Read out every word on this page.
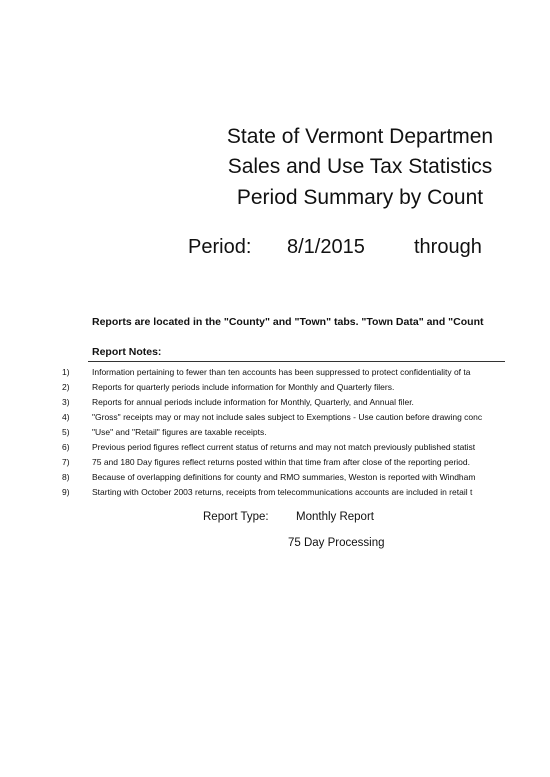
State of Vermont Departmen
Sales and Use Tax Statistics
Period Summary by Count
Period: 8/1/2015 through
Reports are located in the "County" and "Town" tabs. "Town Data" and "Count
Report Notes:
1)	Information pertaining to fewer than ten accounts has been suppressed to protect confidentiality of ta
2)	Reports for quarterly periods include information for Monthly and Quarterly filers.
3)	Reports for annual periods include information for Monthly, Quarterly, and Annual filer.
4)	"Gross" receipts may or may not include sales subject to Exemptions - Use caution before drawing conc
5)	"Use" and "Retail" figures are taxable receipts.
6)	Previous period figures reflect current status of returns and may not match previously published statist
7)	75 and 180 Day figures reflect returns posted within that time fram after close of the reporting period.
8)	Because of overlapping definitions for county and RMO summaries, Weston is reported with Windham
9)	Starting with October 2003 returns, receipts from telecommunications accounts are included in retail t
Report Type: Monthly Report
75 Day Processing
